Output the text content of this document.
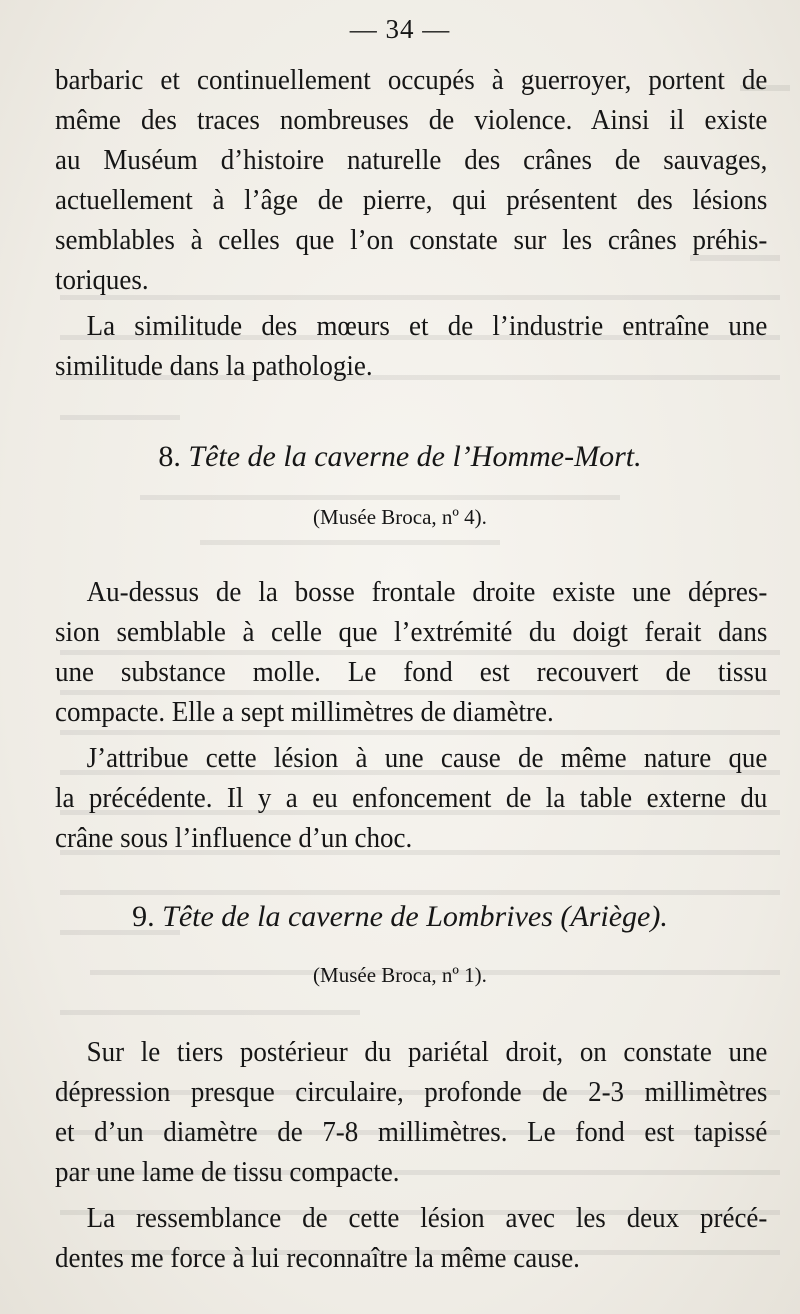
— 34 —

barbaric et continuellement occupés à guerroyer, portent de
même des traces nombreuses de violence. Ainsi il existe
au Muséum d’histoire naturelle des crânes de sauvages,
actuellement à l’âge de pierre, qui présentent des lésions
semblables à celles que l’on constate sur les crânes préhis-
toriques.

La similitude des mœurs et de l’industrie entraîne une
similitude dans la pathologie.

8. Tête de la caverne de l’Homme-Mort.
(Musée Broca, nº 4).

Au-dessus de la bosse frontale droite existe une dépres-
sion semblable à celle que l’extrémité du doigt ferait dans
une substance molle. Le fond est recouvert de tissu
compacte. Elle a sept millimètres de diamètre.

J’attribue cette lésion à une cause de même nature que
la précédente. Il y a eu enfoncement de la table externe du
crâne sous l’influence d’un choc.

9. Tête de la caverne de Lombrives (Ariège).
(Musée Broca, nº 1).

Sur le tiers postérieur du pariétal droit, on constate une
dépression presque circulaire, profonde de 2-3 millimètres
et d’un diamètre de 7-8 millimètres. Le fond est tapissé
par une lame de tissu compacte.

La ressemblance de cette lésion avec les deux précé-
dentes me force à lui reconnaître la même cause.
